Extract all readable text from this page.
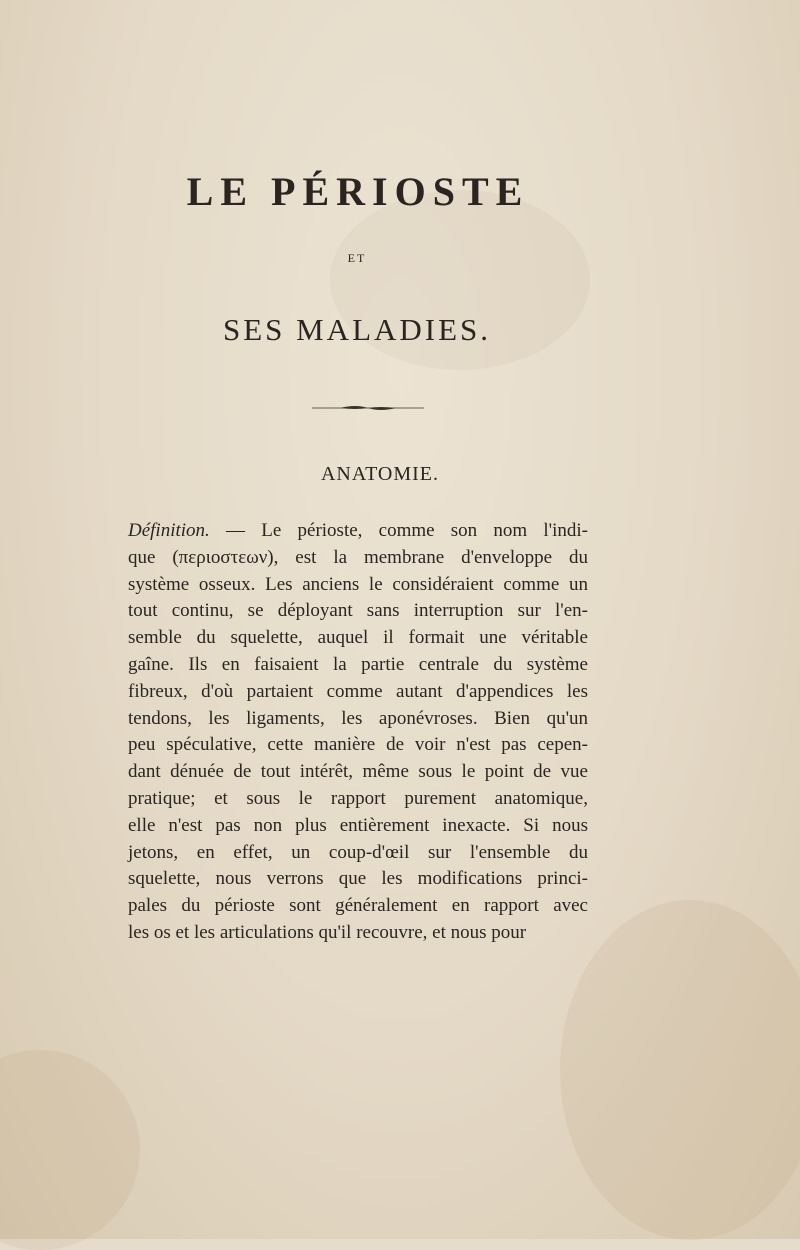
LE PÉRIOSTE
ET
SES MALADIES.
ANATOMIE.
Définition. — Le périoste, comme son nom l'indi-
que (περιοστεων), est la membrane d'enveloppe du
système osseux. Les anciens le considéraient comme un
tout continu, se déployant sans interruption sur l'en-
semble du squelette, auquel il formait une véritable
gaîne. Ils en faisaient la partie centrale du système
fibreux, d'où partaient comme autant d'appendices les
tendons, les ligaments, les aponévroses. Bien qu'un
peu spéculative, cette manière de voir n'est pas cepen-
dant dénuée de tout intérêt, même sous le point de vue
pratique; et sous le rapport purement anatomique,
elle n'est pas non plus entièrement inexacte. Si nous
jetons, en effet, un coup-d'œil sur l'ensemble du
squelette, nous verrons que les modifications princi-
pales du périoste sont généralement en rapport avec
les os et les articulations qu'il recouvre, et nous pour
